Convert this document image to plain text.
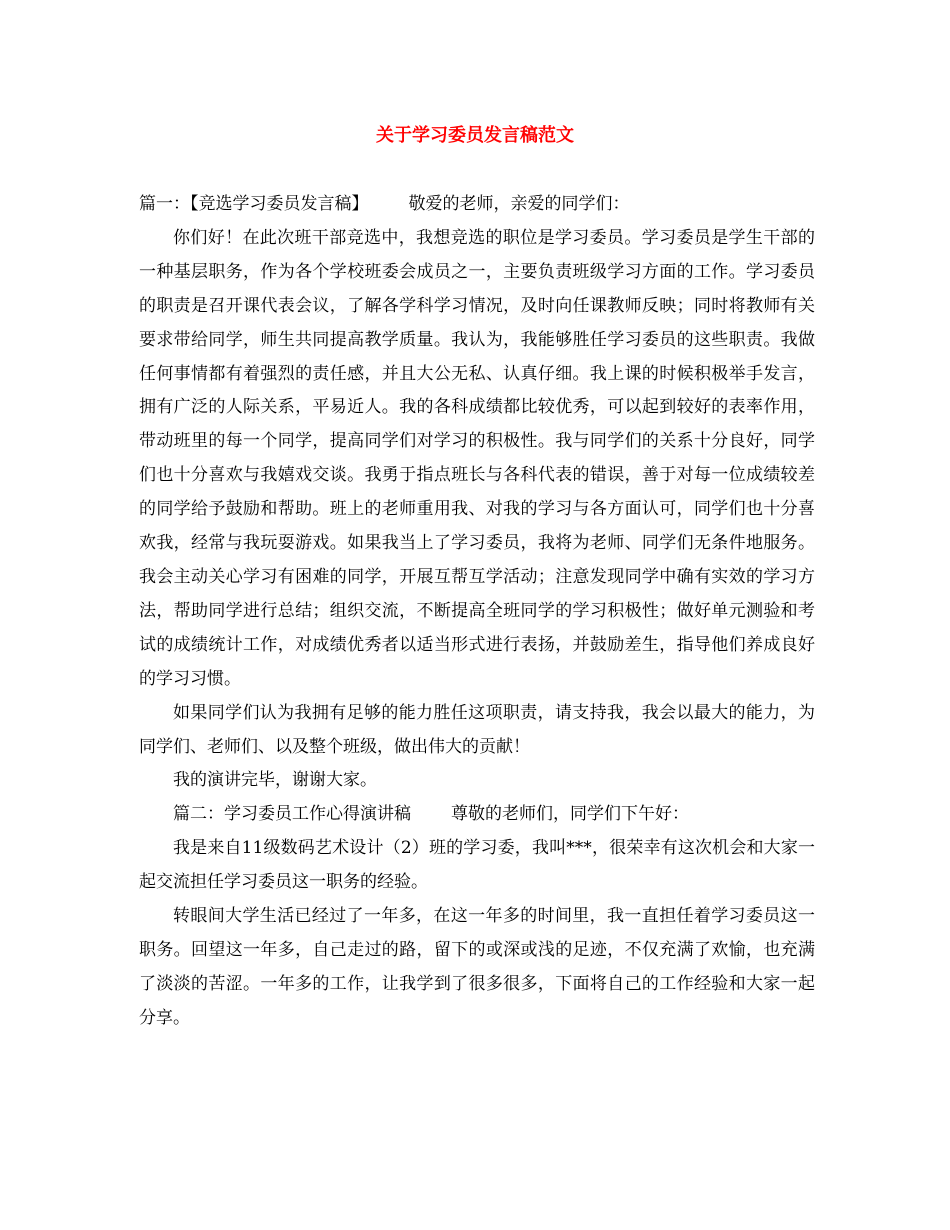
关于学习委员发言稿范文

篇一：【竞选学习委员发言稿】 敬爱的老师，亲爱的同学们：

你们好！在此次班干部竞选中，我想竞选的职位是学习委员。学习委员是学生干部的一种基层职务，作为各个学校班委会成员之一，主要负责班级学习方面的工作。学习委员的职责是召开课代表会议，了解各学科学习情况，及时向任课教师反映；同时将教师有关要求带给同学，师生共同提高教学质量。我认为，我能够胜任学习委员的这些职责。我做任何事情都有着强烈的责任感，并且大公无私、认真仔细。我上课的时候积极举手发言，拥有广泛的人际关系，平易近人。我的各科成绩都比较优秀，可以起到较好的表率作用，带动班里的每一个同学，提高同学们对学习的积极性。我与同学们的关系十分良好，同学们也十分喜欢与我嬉戏交谈。我勇于指点班长与各科代表的错误，善于对每一位成绩较差的同学给予鼓励和帮助。班上的老师重用我、对我的学习与各方面认可，同学们也十分喜欢我，经常与我玩耍游戏。如果我当上了学习委员，我将为老师、同学们无条件地服务。我会主动关心学习有困难的同学，开展互帮互学活动；注意发现同学中确有实效的学习方法，帮助同学进行总结；组织交流，不断提高全班同学的学习积极性；做好单元测验和考试的成绩统计工作，对成绩优秀者以适当形式进行表扬，并鼓励差生，指导他们养成良好的学习习惯。

如果同学们认为我拥有足够的能力胜任这项职责，请支持我，我会以最大的能力，为同学们、老师们、以及整个班级，做出伟大的贡献！

我的演讲完毕，谢谢大家。

篇二：学习委员工作心得演讲稿 尊敬的老师们，同学们下午好：

我是来自11级数码艺术设计（2）班的学习委，我叫***，很荣幸有这次机会和大家一起交流担任学习委员这一职务的经验。

转眼间大学生活已经过了一年多，在这一年多的时间里，我一直担任着学习委员这一职务。回望这一年多，自己走过的路，留下的或深或浅的足迹，不仅充满了欢愉，也充满了淡淡的苦涩。一年多的工作，让我学到了很多很多，下面将自己的工作经验和大家一起分享。
